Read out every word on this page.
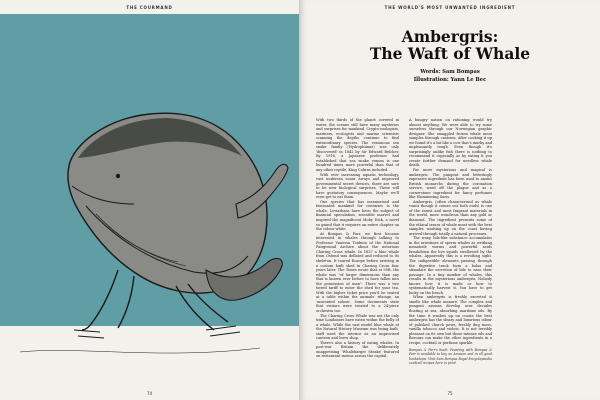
THE COURMAND
74
THE WORLD'S MOST UNWANTED INGREDIENT
Ambergris:
The Waft of Whale
Words: Sam Bompas
Illustration: Yann Le Bec

With two thirds of the planet covered in water, the oceans still have many mysteries and surprises for mankind. Crypto-zoologists, mariners, ecologists and marine scientists scanning the depths continue to find extraordinary species. The venomous sea snake family (Hydrophiinae) was only 'discovered' in 1842 by Sir Edward Belcher. By 1916, a Japanese professor had established that sea snake venom is one hundred times more powerful than that of any other reptile, King Cobras included.

With ever increasing aquatic technology, vast undersea sonar arrays and improved governmental secret devices, there are sure to be new biological surprises. These will have gustatory consequences. Maybe we'll even get to eat them.

One species that has mesmerised and fascinated mankind for centuries is the whale. Leviathans have been the subject of financial speculation, scientific marvel and inspired the magnificent Moby Dick, a novel so grand that it requires an entire chapter on the colour white.

At Bompas & Parr, we first became interested in whales through talking to Professor Vanessa Toulmin of the National Fairground Archive about the notorious Charing Cross whale. In 1857 a blue whale from Ostend was deflated and reduced to its skeleton. It toured Europe before arriving in a custom built shed in Charing Cross four years later. The Times wrote that at 95ft, the whale was "of larger dimensions than any that is known ever before to have fallen into the possession of man". There was a two tiered tariff to enter the shed for your tea. With the higher ticket price you'd be seated at a table within the animals' ribcage, an 'unwonted saloon'. Some documents state that visitors were treated to a 24-piece orchestra too.

The Charing Cross Whale was not the only time Londoners have eaten within the belly of a whale. While the vast model blue whale at the Natural History Museum was being built, staff used the interior as an improvised canteen and brew shop.

There's also a history of eating whales. In post-war Britain the deliberately unappetising 'Whalebarger Steaks' featured on restaurant menus across the capital.

A hungry nation on rationing would try almost anything. We were able to try some ourselves through our Norwegian graphic designer. She smuggled frozen whale meat samples through customs. After cooking it up we found it's a bit like a cow that's murky and unpleasantly tough. Even though it's surprisingly unlike fish there is nothing to recommend it especially as by eating it you create further demand for needless whale death.

Far more mysterious and magical is ambergris. The pungent and bitteringly expensive ingredient has been used to anoint British monarchs during the coronation service, ward off the plague and as a cornerstone ingredient for fancy perfumes like Shimmering Saris.

Ambergris, (often characterised as whale vomit though it comes out both ends) is one of the rarest and most fragrant materials in the world, more wondrous than any gold or diamond. The ingredient presents some of the ethical issues of whale meat with the best samples washing up on the coast having arrived through totally a natural processes.

The waxy, bile-like substance accumulates in the intestines of sperm whales as writhing nematode worms and powerful acids breakdown the live squids swallowed by the whales. Apparently this is a revolting sight. The indigestible elements passing through the digestive track form a bolus and stimulate the secretion of bile to ease their passage. In a tiny number of whales, this results in the mysterious ambergris. Nobody knows how it is made or how to systematically harvest it. You have to get lucky on the beach.

When ambergris is freshly excreted it smells like whale manure. The complex and pungent aromas develop over decades floating at sea, absorbing maritime oils. By the time it washes up on coasts the best ambergris has the sleazy and luxurious odour of polished church pews, freshly dug moss, vanilla tobacco and violets. It is not terribly pleasant on its own but those intense oils and flavours can make the other ingredients in a recipe, cocktail or perfume sparkle.

Bompas & Parr's book: Feasting with Bompas & Parr is available to buy on Amazon and in all good bookshops. Visit Sam Bompas Royal Encyclopaedia cocktail recipes here in print
75
